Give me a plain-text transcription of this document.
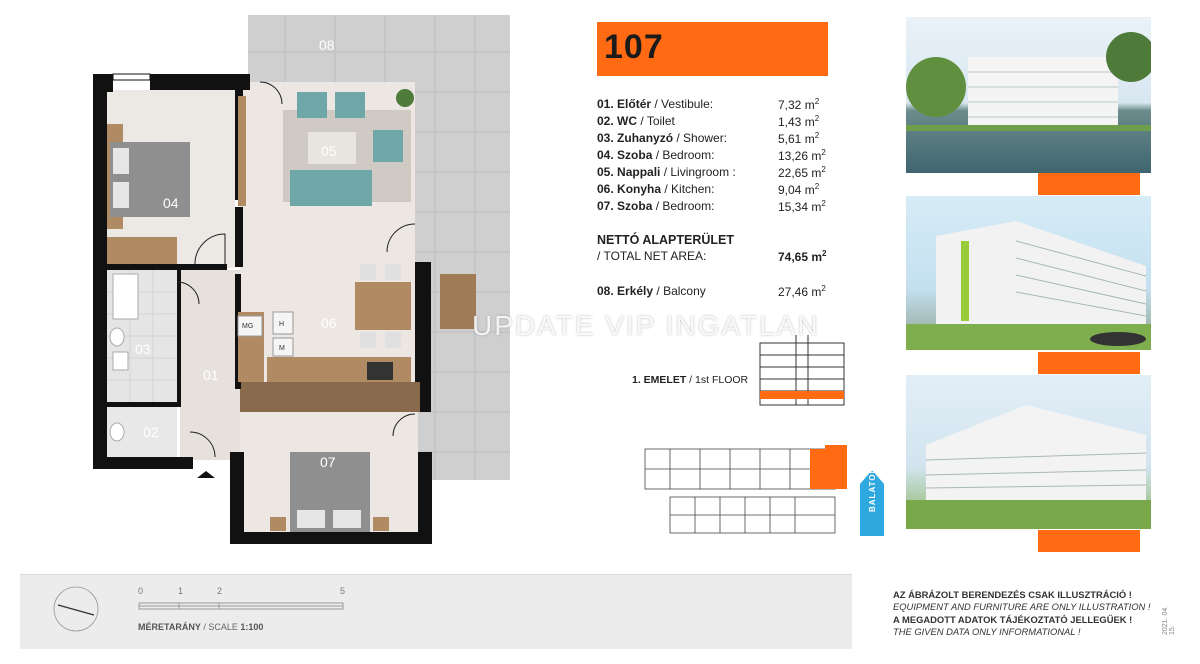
04
05
06
01
03
02
07
08
MG	H
M
UPDATE VIP INGATLAN
107
01. Előtér / Vestibule:	7,32 $m^2$
02. WC / Toilet	1,43 $m^2$
03. Zuhanyzó / Shower:	5,61 $m^2$
04. Szoba / Bedroom:	13,26 $m^2$
05. Nappali / Livingroom :	22,65 $m^2$
06. Konyha / Kitchen:	9,04 $m^2$
07. Szoba / Bedroom:	15,34 $m^2$
NETTÓ ALAPTERÜLET
/ TOTAL NET AREA:	74,65 $m^2$
08. Erkély / Balcony	27,46 $m^2$
1. EMELET / 1st FLOOR
BALATON
0	1	2	5
MÉRETARÁNY / SCALE 1:100
AZ ÁBRÁZOLT BERENDEZÉS CSAK ILLUSZTRÁCIÓ !
EQUIPMENT AND FURNITURE ARE ONLY ILLUSTRATION !
A MEGADOTT ADATOK TÁJÉKOZTATÓ JELLEGŰEK !
THE GIVEN DATA ONLY INFORMATIONAL !	2021. 04. 15.
